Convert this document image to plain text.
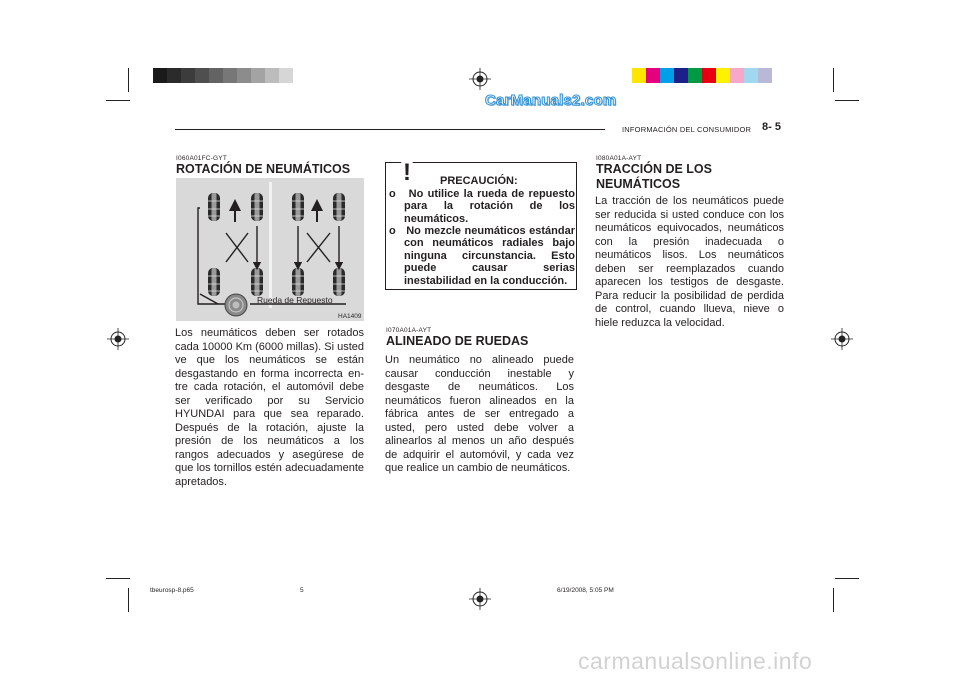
CarManuals2.com
INFORMACIÓN DEL CONSUMIDOR 8- 5
I060A01FC-GYT
ROTACIÓN DE NEUMÁTICOS
Rueda de Repuesto
HA1409
Los neumáticos deben ser rotados cada 10000 Km (6000 millas). Si usted ve que los neumáticos se están desgastando en forma incorrecta en-tre cada rotación, el automóvil debe ser verificado por su Servicio HYUNDAI para que sea reparado. Después de la rotación, ajuste la presión de los neumáticos a los rangos adecuados y asegúrese de que los tornillos estén adecuadamente apretados.
!	PRECAUCIÓN:
o No utilice la rueda de repuesto para la rotación de los neumáticos.
o No mezcle neumáticos estándar con neumáticos radiales bajo ninguna circunstancia. Esto puede causar serias inestabilidad en la conducción.
I070A01A-AYT
ALINEADO DE RUEDAS
Un neumático no alineado puede causar conducción inestable y desgaste de neumáticos. Los neumáticos fueron alineados en la fábrica antes de ser entregado a usted, pero usted debe volver a alinearlos al menos un año después de adquirir el automóvil, y cada vez que realice un cambio de neumáticos.
I080A01A-AYT
TRACCIÓN DE LOS NEUMÁTICOS
La tracción de los neumáticos puede ser reducida si usted conduce con los neumáticos equivocados, neumáticos con la presión inadecuada o neumáticos lisos. Los neumáticos deben ser reemplazados cuando aparecen los testigos de desgaste. Para reducir la posibilidad de perdida de control, cuando llueva, nieve o hiele reduzca la velocidad.
tbeurosp-8.p65	5	6/19/2008, 5:05 PM
carmanualsonline.info
